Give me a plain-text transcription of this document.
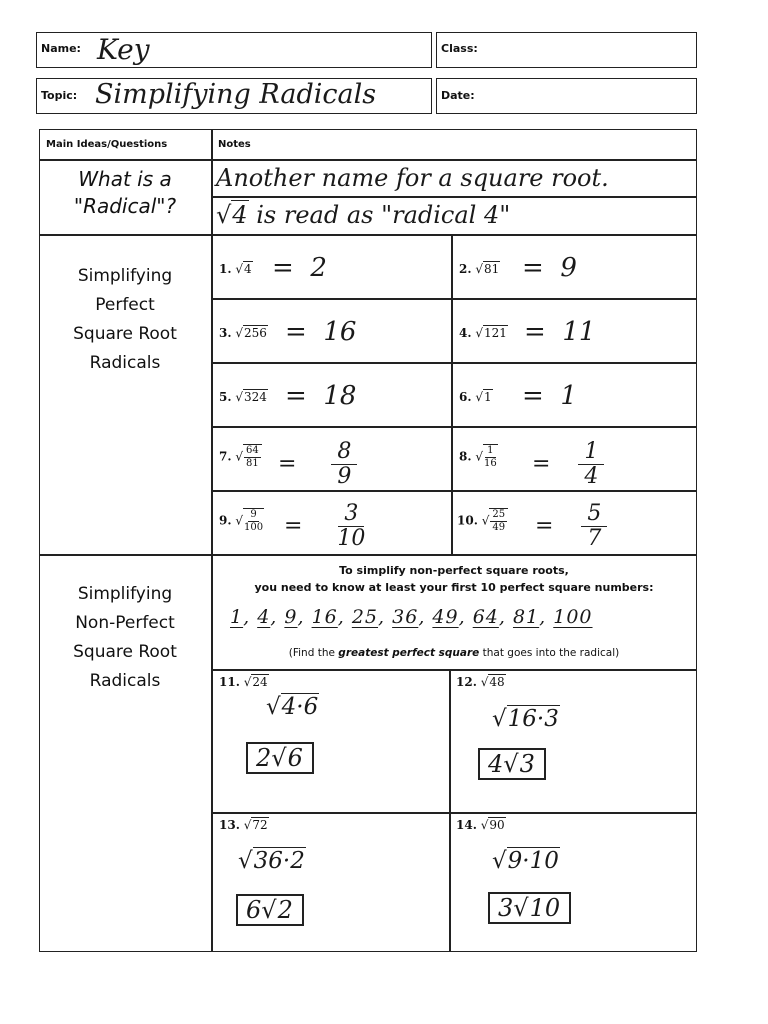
Name: Key	Class:
Topic: Simplifying Radicals	Date:
Main Ideas/Questions	Notes
What is a
"Radical"?
Another name for a square root.
√4 is read as "radical 4"
Simplifying
Perfect
Square Root
Radicals
1. √4 =  2	2. √81 =  9
3. √256 =  16	4. √121 =  11
5. √324 =  18	6. √1 =  1
7. √ $\frac{64}{81} = \frac{8}{9}$	8. √ $\frac{1}{16} = \frac{1}{4}$
9. √ $\frac{9}{100} = \frac{3}{10}$	10. √ $\frac{25}{49} = \frac{5}{7}$
Simplifying
Non-Perfect
Square Root
Radicals
To simplify non-perfect square roots,
you need to know at least your first 10 perfect square numbers:
1, 4, 9, 16, 25, 36, 49, 64, 81, 100
(Find the greatest perfect square that goes into the radical)
11. √24
√4·6
2√6
12. √48
√16·3
4√3
13. √72
√36·2
6√2
14. √90
√9·10
3√10
